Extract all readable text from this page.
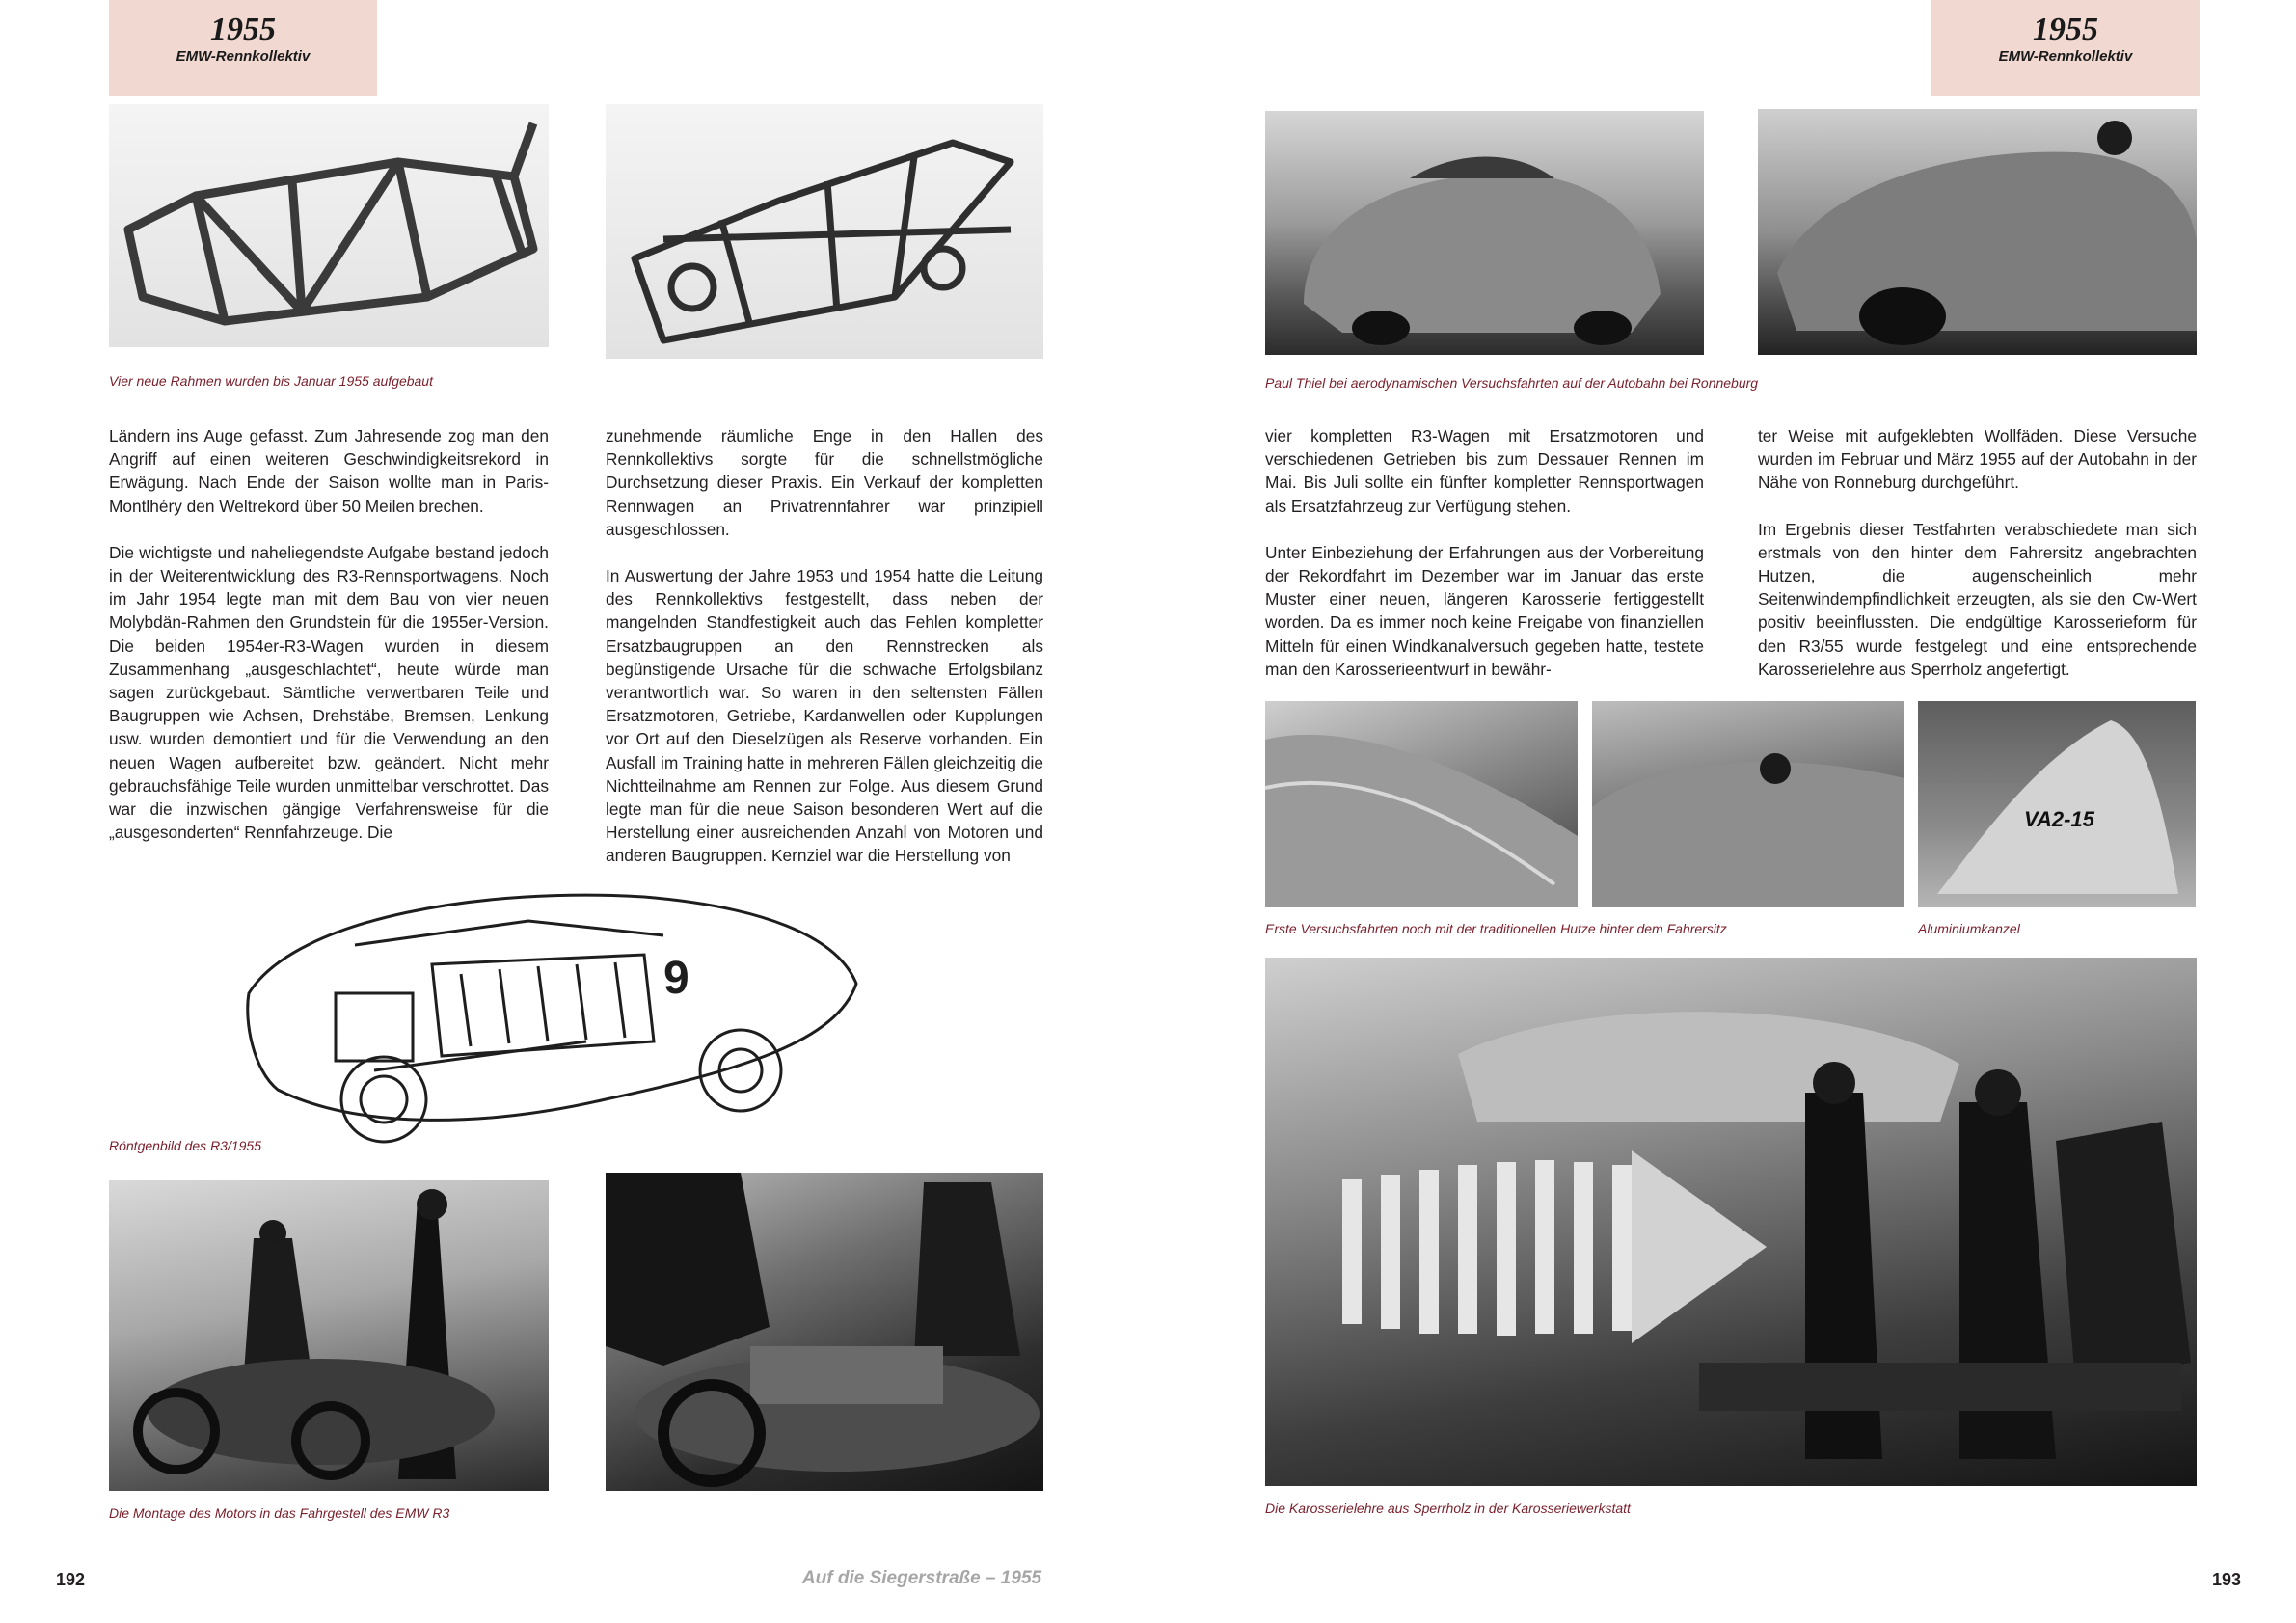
1955
EMW-Rennkollektiv
1955
EMW-Rennkollektiv
Vier neue Rahmen wurden bis Januar 1955 aufgebaut

Ländern ins Auge gefasst. Zum Jahresende zog man den Angriff auf einen weiteren Geschwindigkeitsrekord in Erwägung. Nach Ende der Saison wollte man in Paris-Montlhéry den Weltrekord über 50 Meilen brechen.

Die wichtigste und naheliegendste Aufgabe bestand jedoch in der Weiterentwicklung des R3-Rennsportwagens. Noch im Jahr 1954 legte man mit dem Bau von vier neuen Molybdän-Rahmen den Grundstein für die 1955er-Version. Die beiden 1954er-R3-Wagen wurden in diesem Zusammenhang „ausgeschlachtet“, heute würde man sagen zurückgebaut. Sämtliche verwertbaren Teile und Baugruppen wie Achsen, Drehstäbe, Bremsen, Lenkung usw. wurden demontiert und für die Verwendung an den neuen Wagen aufbereitet bzw. geändert. Nicht mehr gebrauchsfähige Teile wurden unmittelbar verschrottet. Das war die inzwischen gängige Verfahrensweise für die „ausgesonderten“ Rennfahrzeuge. Die

zunehmende räumliche Enge in den Hallen des Rennkollektivs sorgte für die schnellstmögliche Durchsetzung dieser Praxis. Ein Verkauf der kompletten Rennwagen an Privatrennfahrer war prinzipiell ausgeschlossen.

In Auswertung der Jahre 1953 und 1954 hatte die Leitung des Rennkollektivs festgestellt, dass neben der mangelnden Standfestigkeit auch das Fehlen kompletter Ersatzbaugruppen an den Rennstrecken als begünstigende Ursache für die schwache Erfolgsbilanz verantwortlich war. So waren in den seltensten Fällen Ersatzmotoren, Getriebe, Kardanwellen oder Kupplungen vor Ort auf den Dieselzügen als Reserve vorhanden. Ein Ausfall im Training hatte in mehreren Fällen gleichzeitig die Nichtteilnahme am Rennen zur Folge. Aus diesem Grund legte man für die neue Saison besonderen Wert auf die Herstellung einer ausreichenden Anzahl von Motoren und anderen Baugruppen. Kernziel war die Herstellung von

9
Röntgenbild des R3/1955
Die Montage des Motors in das Fahrgestell des EMW R3
Paul Thiel bei aerodynamischen Versuchsfahrten auf der Autobahn bei Ronneburg

vier kompletten R3-Wagen mit Ersatzmotoren und verschiedenen Getrieben bis zum Dessauer Rennen im Mai. Bis Juli sollte ein fünfter kompletter Rennsportwagen als Ersatzfahrzeug zur Verfügung stehen.

Unter Einbeziehung der Erfahrungen aus der Vorbereitung der Rekordfahrt im Dezember war im Januar das erste Muster einer neuen, längeren Karosserie fertiggestellt worden. Da es immer noch keine Freigabe von finanziellen Mitteln für einen Windkanalversuch gegeben hatte, testete man den Karosserieentwurf in bewähr-

ter Weise mit aufgeklebten Wollfäden. Diese Versuche wurden im Februar und März 1955 auf der Autobahn in der Nähe von Ronneburg durchgeführt.

Im Ergebnis dieser Testfahrten verabschiedete man sich erstmals von den hinter dem Fahrersitz angebrachten Hutzen, die augenscheinlich mehr Seitenwindempfindlichkeit erzeugten, als sie den Cw-Wert positiv beeinflussten. Die endgültige Karosserieform für den R3/55 wurde festgelegt und eine entsprechende Karosserielehre aus Sperrholz angefertigt.

VA2-15
Erste Versuchsfahrten noch mit der traditionellen Hutze hinter dem Fahrersitz	Aluminiumkanzel
Die Karosserielehre aus Sperrholz in der Karosseriewerkstatt
192	Auf die Siegerstraße – 1955	193
